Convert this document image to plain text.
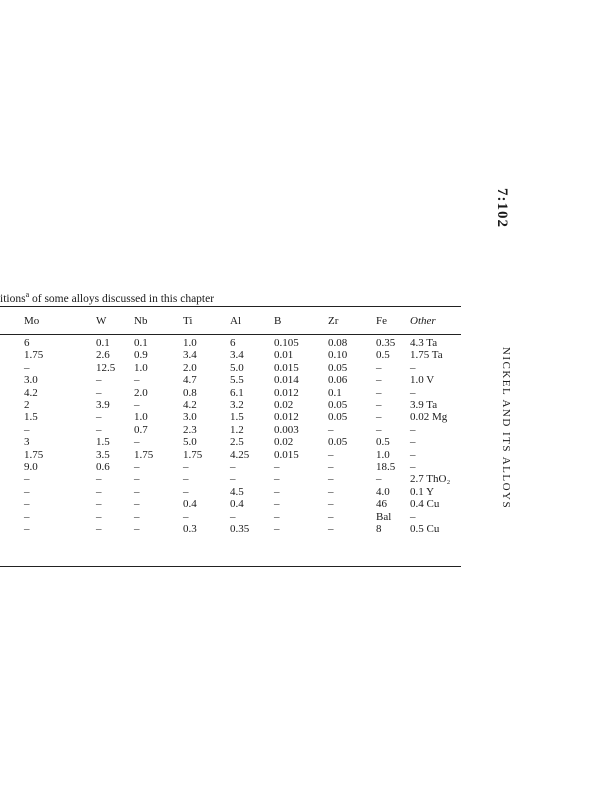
7:102
NICKEL AND ITS ALLOYS
itions$^a$ of some alloys discussed in this chapter
Mo	W	Nb	Ti	Al	B	Zr	Fe	Other
6	0.1	0.1	1.0	6	0.105	0.08	0.35	4.3 Ta
1.75	2.6	0.9	3.4	3.4	0.01	0.10	0.5	1.75 Ta
–	12.5	1.0	2.0	5.0	0.015	0.05	–	–
3.0	–	–	4.7	5.5	0.014	0.06	–	1.0 V
4.2	–	2.0	0.8	6.1	0.012	0.1	–	–
2	3.9	–	4.2	3.2	0.02	0.05	–	3.9 Ta
1.5	–	1.0	3.0	1.5	0.012	0.05	–	0.02 Mg
–	–	0.7	2.3	1.2	0.003	–	–	–
3	1.5	–	5.0	2.5	0.02	0.05	0.5	–
1.75	3.5	1.75	1.75	4.25	0.015	–	1.0	–
9.0	0.6	–	–	–	–	–	18.5	–
–	–	–	–	–	–	–	–	2.7 ThO₂
–	–	–	–	4.5	–	–	4.0	0.1 Y
–	–	–	0.4	0.4	–	–	46	0.4 Cu
–	–	–	–	–	–	–	Bal	–
–	–	–	0.3	0.35	–	–	8	0.5 Cu
